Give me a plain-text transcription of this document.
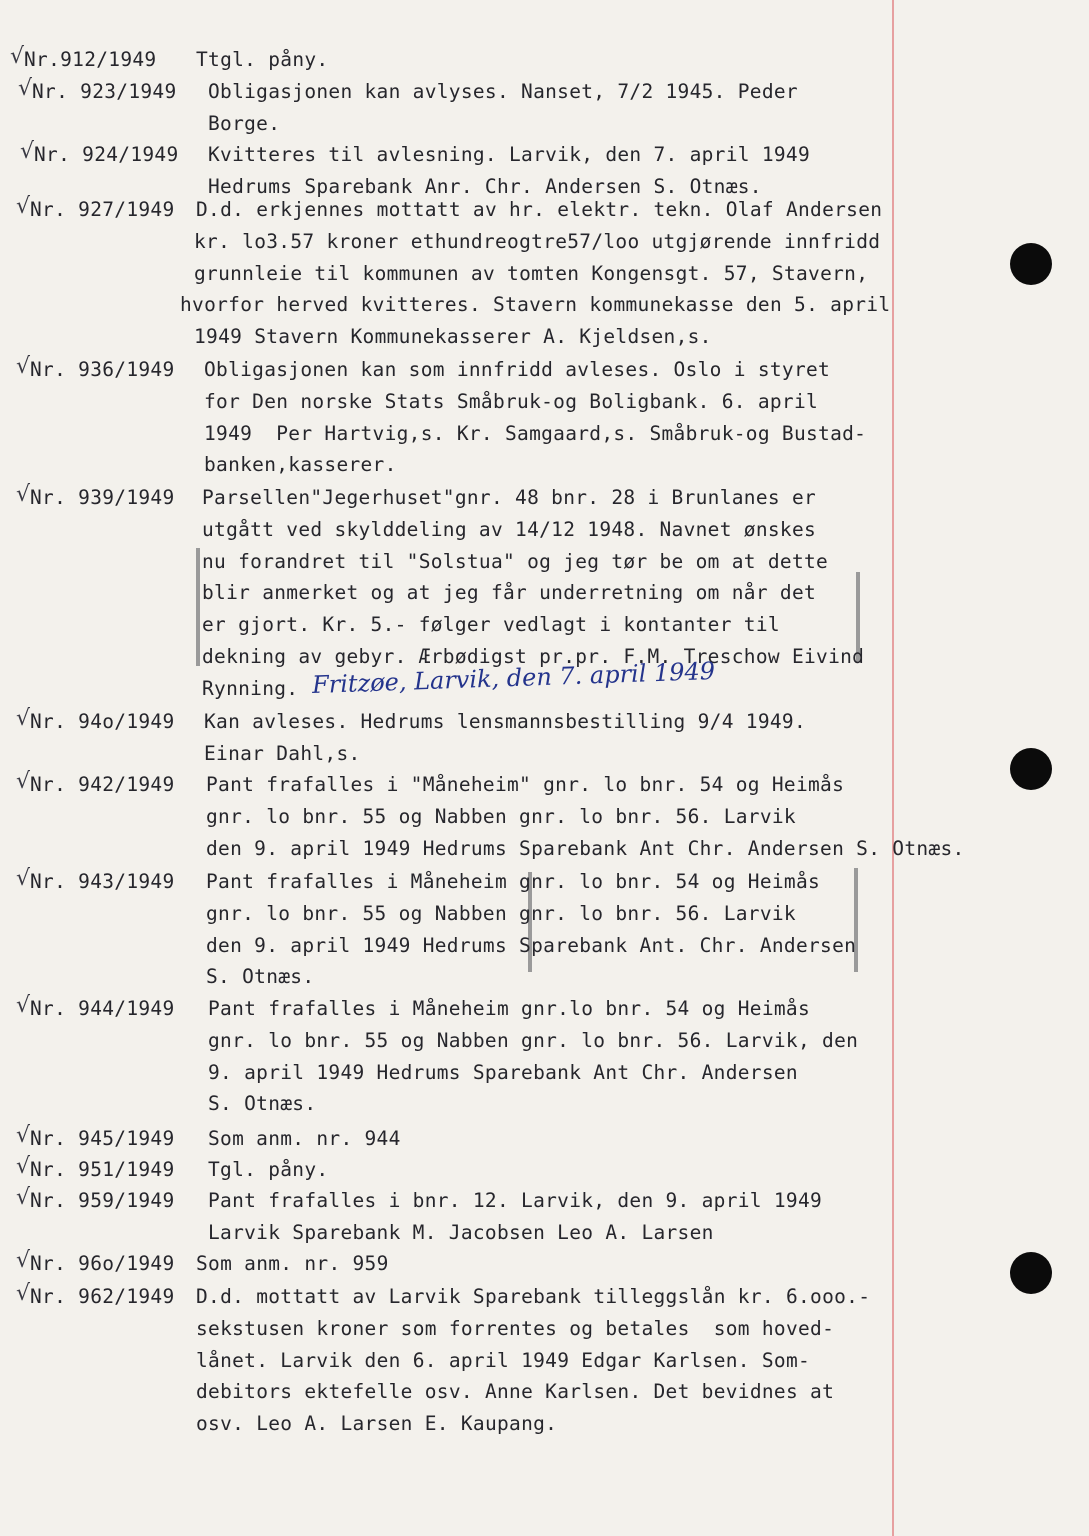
√ Nr.912/1949 Ttgl. påny.
√ Nr. 923/1949 Obligasjonen kan avlyses. Nanset, 7/2 1945. Peder
Borge.
√ Nr. 924/1949 Kvitteres til avlesning. Larvik, den 7. april 1949
Hedrums Sparebank Anr. Chr. Andersen S. Otnæs.
√ Nr. 927/1949 D.d. erkjennes mottatt av hr. elektr. tekn. Olaf Andersen
kr. lo3.57 kroner ethundreogtre57/loo utgjørende innfridd
grunnleie til kommunen av tomten Kongensgt. 57, Stavern,
hvorfor herved kvitteres. Stavern kommunekasse den 5. april
1949 Stavern Kommunekasserer A. Kjeldsen,s.
√ Nr. 936/1949 Obligasjonen kan som innfridd avleses. Oslo i styret
for Den norske Stats Småbruk-og Boligbank. 6. april
1949  Per Hartvig,s. Kr. Samgaard,s. Småbruk-og Bustad-
banken,kasserer.
√ Nr. 939/1949 Parsellen"Jegerhuset"gnr. 48 bnr. 28 i Brunlanes er
utgått ved skylddeling av 14/12 1948. Navnet ønskes
nu forandret til "Solstua" og jeg tør be om at dette
blir anmerket og at jeg får underretning om når det
er gjort. Kr. 5.- følger vedlagt i kontanter til
dekning av gebyr. Ærbødigst pr.pr. F.M. Treschow Eivind
Rynning.
√ Nr. 94o/1949 Kan avleses. Hedrums lensmannsbestilling 9/4 1949.
Einar Dahl,s.
√ Nr. 942/1949 Pant frafalles i "Måneheim" gnr. lo bnr. 54 og Heimås
gnr. lo bnr. 55 og Nabben gnr. lo bnr. 56. Larvik
den 9. april 1949 Hedrums Sparebank Ant Chr. Andersen S. Otnæs.
√ Nr. 943/1949 Pant frafalles i Måneheim gnr. lo bnr. 54 og Heimås
gnr. lo bnr. 55 og Nabben gnr. lo bnr. 56. Larvik
den 9. april 1949 Hedrums Sparebank Ant. Chr. Andersen
S. Otnæs.
√ Nr. 944/1949 Pant frafalles i Måneheim gnr.lo bnr. 54 og Heimås
gnr. lo bnr. 55 og Nabben gnr. lo bnr. 56. Larvik, den
9. april 1949 Hedrums Sparebank Ant Chr. Andersen
S. Otnæs.
√ Nr. 945/1949 Som anm. nr. 944
√ Nr. 951/1949 Tgl. påny.
√ Nr. 959/1949 Pant frafalles i bnr. 12. Larvik, den 9. april 1949
Larvik Sparebank M. Jacobsen Leo A. Larsen
√ Nr. 96o/1949 Som anm. nr. 959
√ Nr. 962/1949 D.d. mottatt av Larvik Sparebank tilleggslån kr. 6.ooo.-
sekstusen kroner som forrentes og betales  som hoved-
lånet. Larvik den 6. april 1949 Edgar Karlsen. Som-
debitors ektefelle osv. Anne Karlsen. Det bevidnes at
osv. Leo A. Larsen E. Kaupang.
Fritzøe, Larvik, den 7. april 1949
